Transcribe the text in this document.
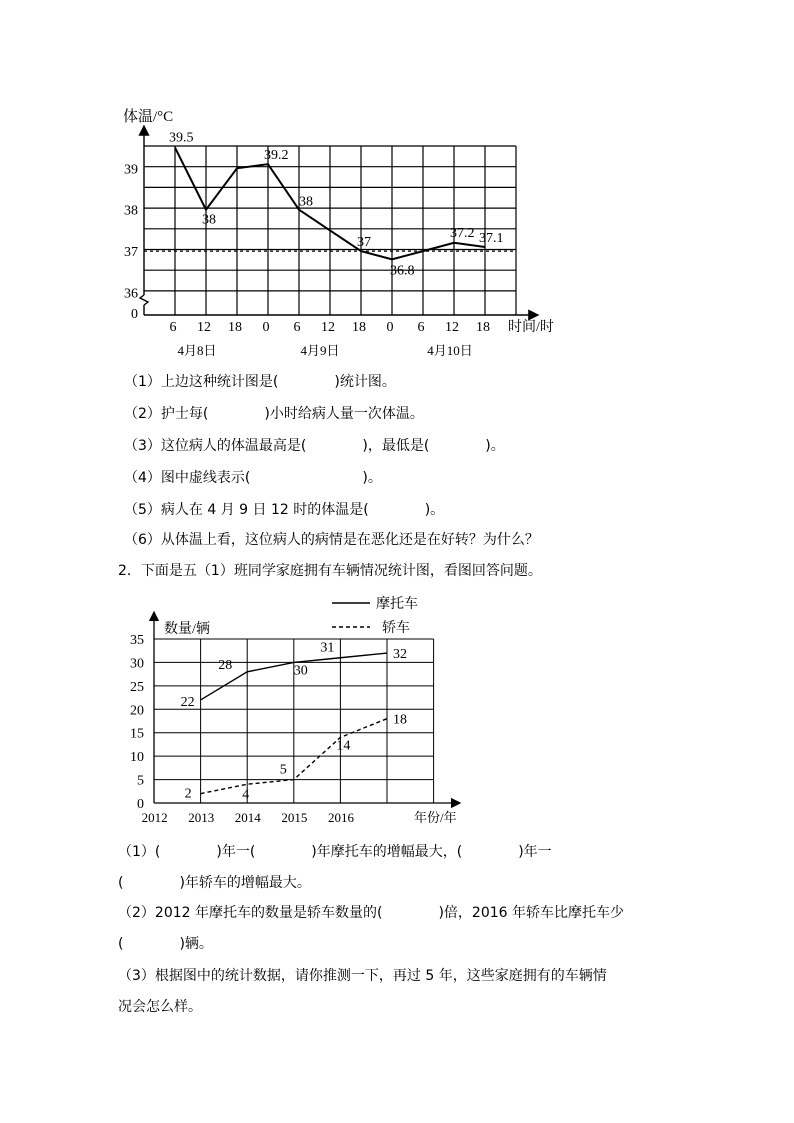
0
36
37
38
39
6 12 18 0 6 12 18 0 6 12 18
4月8日	4月9日	4月10日
39.5
38
39.2
38
37
36.8
37.2 37.1
体温/°C
时间/时
0
5
10
15
20
25
30
35
2012 2013 2014 2015 2016
22
28	30
31	32
2	4
5
14
18
数量/辆
年份/年
摩托车
轿车
（1）上边这种统计图是(　　　　)统计图。
（2）护士每(　　　　)小时给病人量一次体温。
（3）这位病人的体温最高是(　　　　)，最低是(　　　　)。
（4）图中虚线表示(　　　　　　　　)。
（5）病人在 4 月 9 日 12 时的体温是(　　　　)。
（6）从体温上看，这位病人的病情是在恶化还是在好转？为什么？
2．下面是五（1）班同学家庭拥有车辆情况统计图，看图回答问题。
（1）(　　　　)年一(　　　　)年摩托车的增幅最大，(　　　　)年一
(　　　　)年轿车的增幅最大。
（2）2012 年摩托车的数量是轿车数量的(　　　　)倍，2016 年轿车比摩托车少
(　　　　)辆。
（3）根据图中的统计数据，请你推测一下，再过 5 年，这些家庭拥有的车辆情
况会怎么样。
